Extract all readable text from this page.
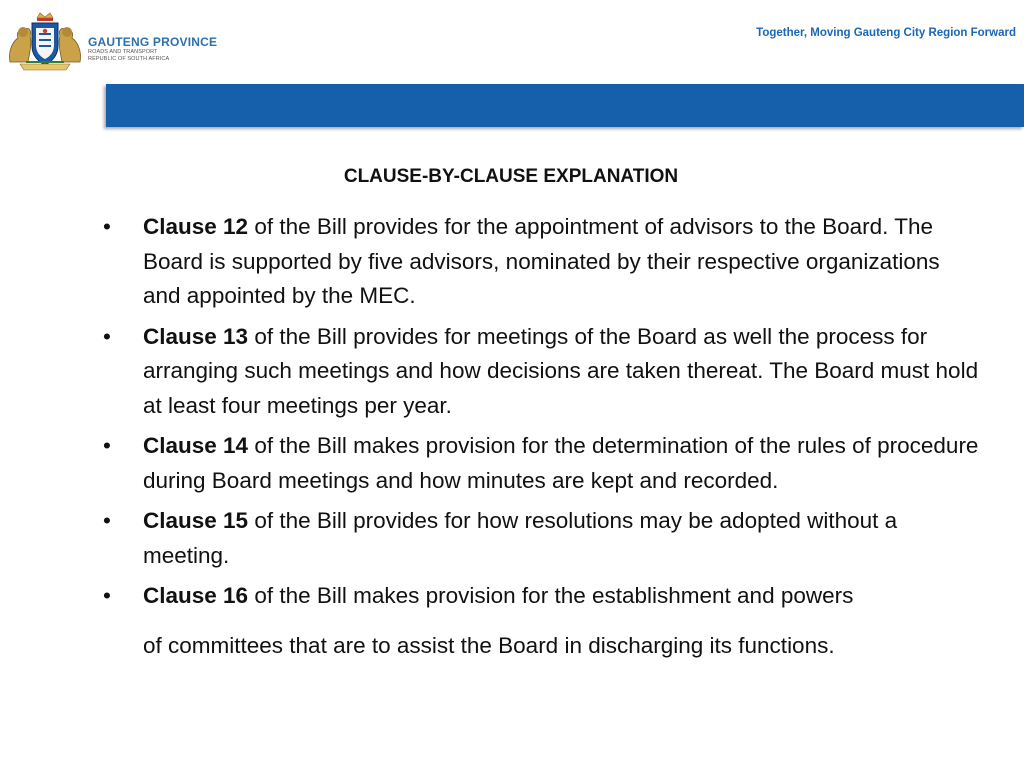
GAUTENG PROVINCE
ROADS AND TRANSPORT
REPUBLIC OF SOUTH AFRICA
Together, Moving Gauteng City Region Forward
CLAUSE-BY-CLAUSE EXPLANATION
• Clause 12 of the Bill provides for the appointment of advisors to the Board. The Board is supported by five advisors, nominated by their respective organizations and appointed by the MEC.
• Clause 13 of the Bill provides for meetings of the Board as well the process for arranging such meetings and how decisions are taken thereat. The Board must hold at least four meetings per year.
• Clause 14 of the Bill makes provision for the determination of the rules of procedure during Board meetings and how minutes are kept and recorded.
• Clause 15 of the Bill provides for how resolutions may be adopted without a meeting.
• Clause 16 of the Bill makes provision for the establishment and powers
of committees that are to assist the Board in discharging its functions.
